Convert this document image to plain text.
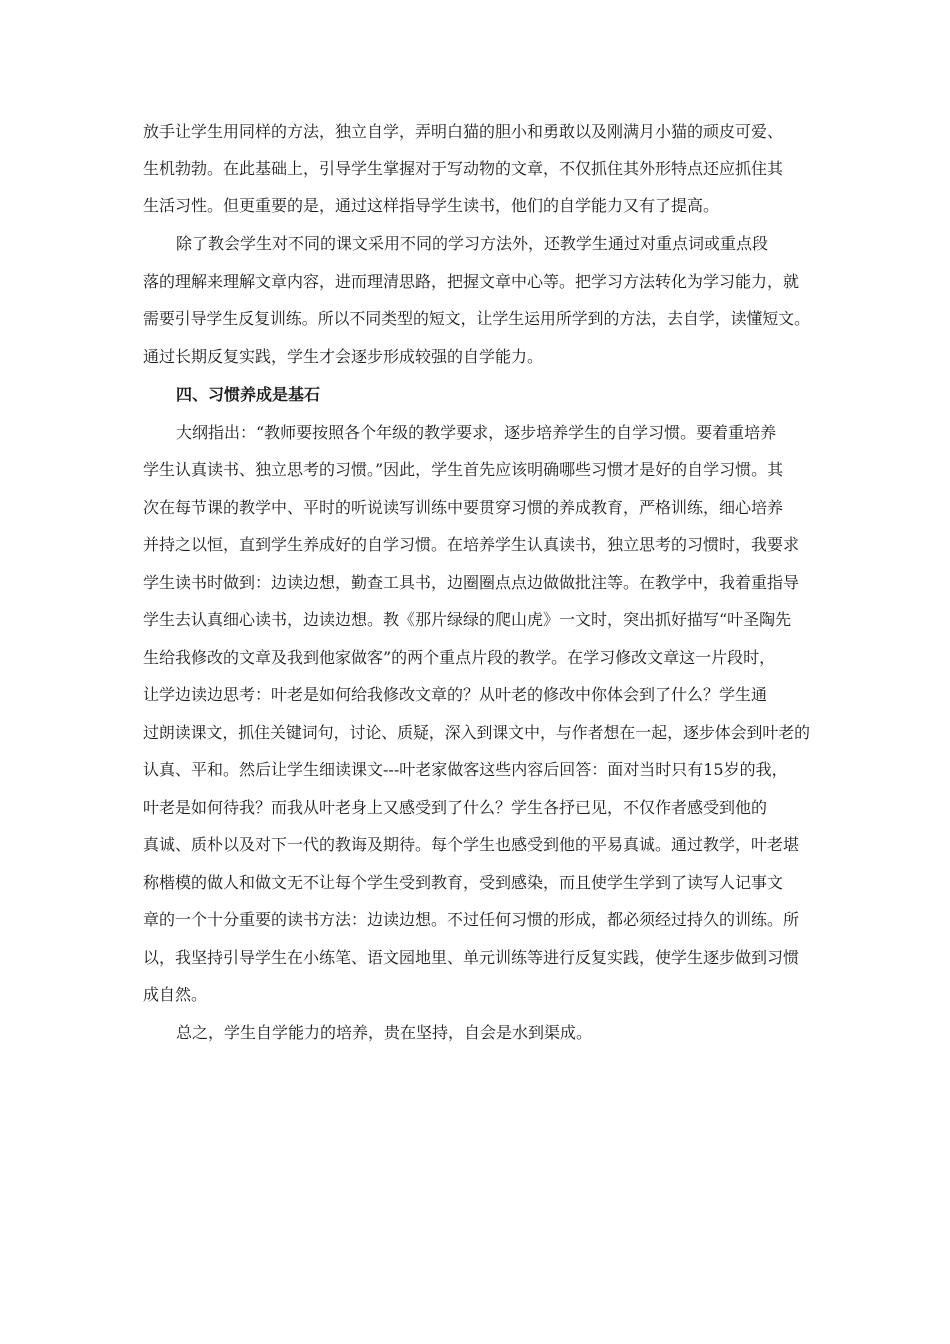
放手让学生用同样的方法，独立自学，弄明白猫的胆小和勇敢以及刚满月小猫的顽皮可爱、
生机勃勃。在此基础上，引导学生掌握对于写动物的文章，不仅抓住其外形特点还应抓住其
生活习性。但更重要的是，通过这样指导学生读书，他们的自学能力又有了提高。
除了教会学生对不同的课文采用不同的学习方法外，还教学生通过对重点词或重点段
落的理解来理解文章内容，进而理清思路，把握文章中心等。把学习方法转化为学习能力，就
需要引导学生反复训练。所以不同类型的短文，让学生运用所学到的方法，去自学，读懂短文。
通过长期反复实践，学生才会逐步形成较强的自学能力。
四、习惯养成是基石
大纲指出：“教师要按照各个年级的教学要求，逐步培养学生的自学习惯。要着重培养
学生认真读书、独立思考的习惯。”因此，学生首先应该明确哪些习惯才是好的自学习惯。其
次在每节课的教学中、平时的听说读写训练中要贯穿习惯的养成教育，严格训练，细心培养
并持之以恒，直到学生养成好的自学习惯。在培养学生认真读书，独立思考的习惯时，我要求
学生读书时做到：边读边想，勤查工具书，边圈圈点点边做做批注等。在教学中，我着重指导
学生去认真细心读书，边读边想。教《那片绿绿的爬山虎》一文时，突出抓好描写“叶圣陶先
生给我修改的文章及我到他家做客”的两个重点片段的教学。在学习修改文章这一片段时，
让学边读边思考：叶老是如何给我修改文章的？从叶老的修改中你体会到了什么？学生通
过朗读课文，抓住关键词句，讨论、质疑，深入到课文中，与作者想在一起，逐步体会到叶老的
认真、平和。然后让学生细读课文---叶老家做客这些内容后回答：面对当时只有15岁的我，
叶老是如何待我？而我从叶老身上又感受到了什么？学生各抒已见，不仅作者感受到他的
真诚、质朴以及对下一代的教诲及期待。每个学生也感受到他的平易真诚。通过教学，叶老堪
称楷模的做人和做文无不让每个学生受到教育，受到感染，而且使学生学到了读写人记事文
章的一个十分重要的读书方法：边读边想。不过任何习惯的形成，都必须经过持久的训练。所
以，我坚持引导学生在小练笔、语文园地里、单元训练等进行反复实践，使学生逐步做到习惯
成自然。
总之，学生自学能力的培养，贵在坚持，自会是水到渠成。
